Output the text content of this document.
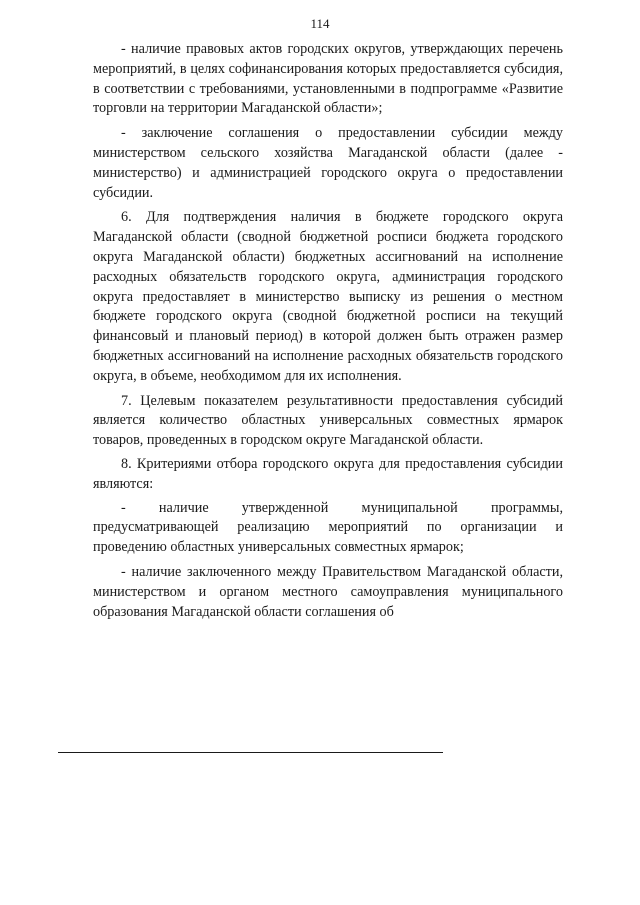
114

- наличие правовых актов городских округов, утверждающих перечень мероприятий, в целях софинансирования которых предоставляется субсидия, в соответствии с требованиями, установленными в подпрограмме «Развитие торговли на территории Магаданской области»;

- заключение соглашения о предоставлении субсидии между министерством сельского хозяйства Магаданской области (далее - министерство) и администрацией городского округа о предоставлении субсидии.

6. Для подтверждения наличия в бюджете городского округа Магаданской области (сводной бюджетной росписи бюджета городского округа Магаданской области) бюджетных ассигнований на исполнение расходных обязательств городского округа, администрация городского округа предоставляет в министерство выписку из решения о местном бюджете городского округа (сводной бюджетной росписи на текущий финансовый и плановый период) в которой должен быть отражен размер бюджетных ассигнований на исполнение расходных обязательств городского округа, в объеме, необходимом для их исполнения.

7. Целевым показателем результативности предоставления субсидий является количество областных универсальных совместных ярмарок товаров, проведенных в городском округе Магаданской области.

8. Критериями отбора городского округа для предоставления субсидии являются:

- наличие утвержденной муниципальной программы, предусматривающей реализацию мероприятий по организации и проведению областных универсальных совместных ярмарок;

- наличие заключенного между Правительством Магаданской области, министерством и органом местного самоуправления муниципального образования Магаданской области соглашения об
